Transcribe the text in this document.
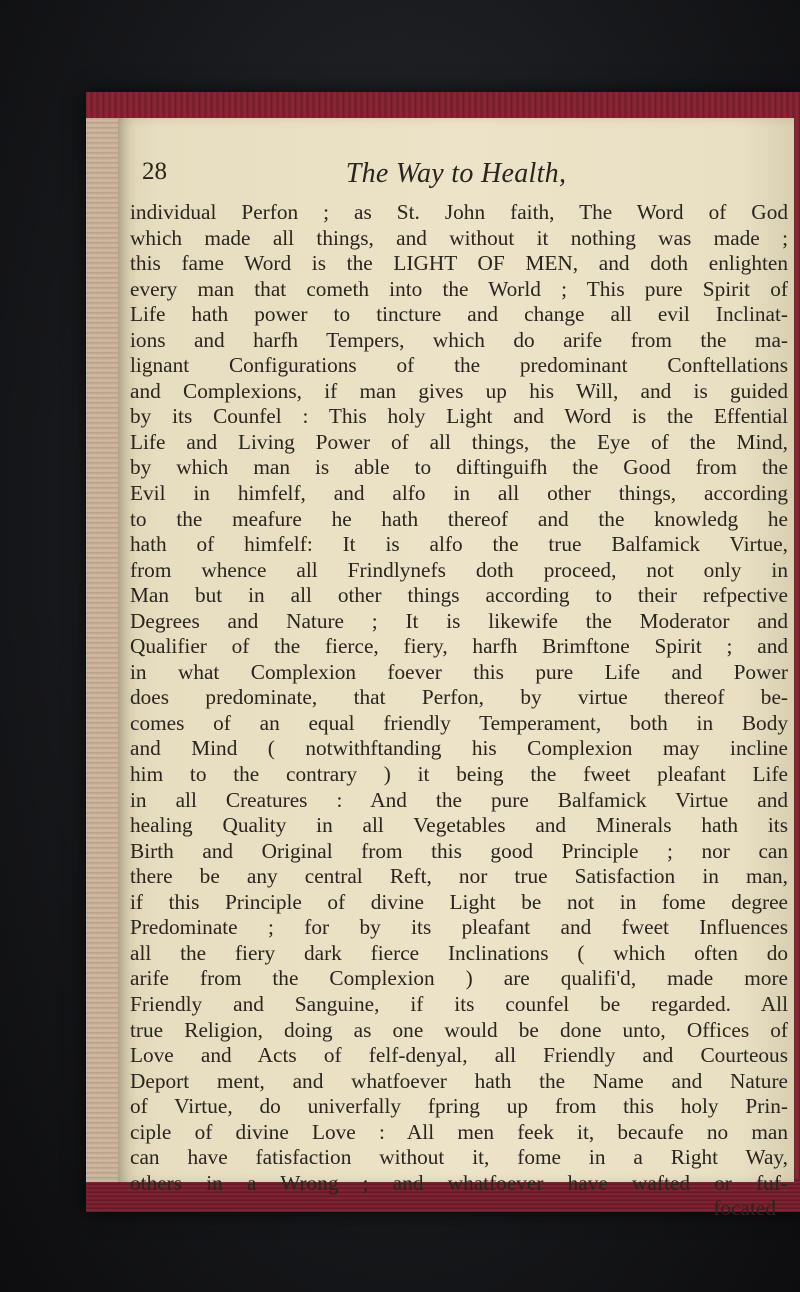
28	The Way to Health,
individual Perfon ; as St. John faith, The Word of God
which made all things, and without it nothing was made ;
this fame Word is the LIGHT OF MEN, and doth enlighten
every man that cometh into the World ; This pure Spirit of
Life hath power to tincture and change all evil Inclinat-
ions and harfh Tempers, which do arife from the ma-
lignant Configurations of the predominant Conftellations
and Complexions, if man gives up his Will, and is guided
by its Counfel : This holy Light and Word is the Effential
Life and Living Power of all things, the Eye of the Mind,
by which man is able to diftinguifh the Good from the
Evil in himfelf, and alfo in all other things, according
to the meafure he hath thereof and the knowledg he
hath of himfelf: It is alfo the true Balfamick Virtue,
from whence all Frindlynefs doth proceed, not only in
Man but in all other things according to their refpective
Degrees and Nature ; It is likewife the Moderator and
Qualifier of the fierce, fiery, harfh Brimftone Spirit ; and
in what Complexion foever this pure Life and Power
does predominate, that Perfon, by virtue thereof be-
comes of an equal friendly Temperament, both in Body
and Mind ( notwithftanding his Complexion may incline
him to the contrary ) it being the fweet pleafant Life
in all Creatures : And the pure Balfamick Virtue and
healing Quality in all Vegetables and Minerals hath its
Birth and Original from this good Principle ; nor can
there be any central Reft, nor true Satisfaction in man,
if this Principle of divine Light be not in fome degree
Predominate ; for by its pleafant and fweet Influences
all the fiery dark fierce Inclinations ( which often do
arife from the Complexion ) are qualifi'd, made more
Friendly and Sanguine, if its counfel be regarded. All
true Religion, doing as one would be done unto, Offices of
Love and Acts of felf-denyal, all Friendly and Courteous
Deport ment, and whatfoever hath the Name and Nature
of Virtue, do univerfally fpring up from this holy Prin-
ciple of divine Love : All men feek it, becaufe no man
can have fatisfaction without it, fome in a Right Way,
others in a Wrong ; and whatfoever have wafted or fuf-
focated
